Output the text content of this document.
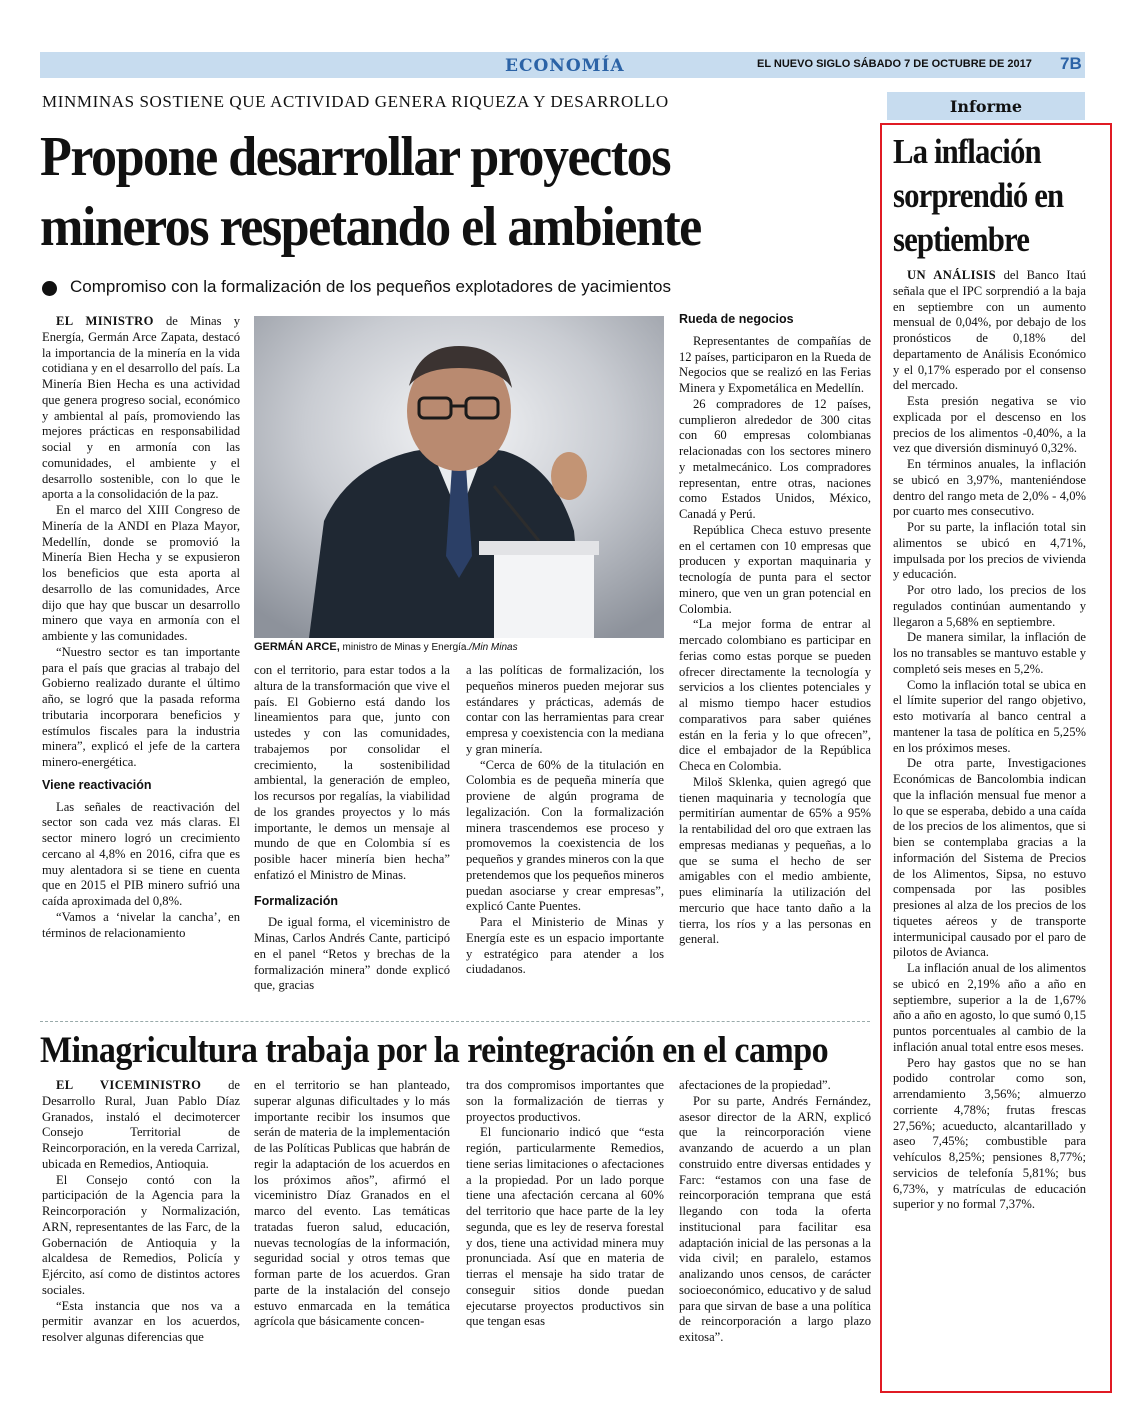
ECONOMÍA	EL NUEVO SIGLO SÁBADO 7 DE OCTUBRE DE 2017 7B
MINMINAS SOSTIENE QUE ACTIVIDAD GENERA RIQUEZA Y DESARROLLO
Propone desarrollar proyectos mineros respetando el ambiente
Compromiso con la formalización de los pequeños explotadores de yacimientos

EL MINISTRO de Minas y Energía, Germán Arce Zapata, destacó la importancia de la minería en la vida cotidiana y en el desarrollo del país. La Minería Bien Hecha es una actividad que genera progreso social, económico y ambiental al país, promoviendo las mejores prácticas en responsabilidad social y en armonía con las comunidades, el ambiente y el desarrollo sostenible, con lo que le aporta a la consolidación de la paz.

En el marco del XIII Congreso de Minería de la ANDI en Plaza Mayor, Medellín, donde se promovió la Minería Bien Hecha y se expusieron los beneficios que esta aporta al desarrollo de las comunidades, Arce dijo que hay que buscar un desarrollo minero que vaya en armonía con el ambiente y las comunidades.

“Nuestro sector es tan importante para el país que gracias al trabajo del Gobierno realizado durante el último año, se logró que la pasada reforma tributaria incorporara beneficios y estímulos fiscales para la industria minera”, explicó el jefe de la cartera minero-energética.

Viene reactivación

Las señales de reactivación del sector son cada vez más claras. El sector minero logró un crecimiento cercano al 4,8% en 2016, cifra que es muy alentadora si se tiene en cuenta que en 2015 el PIB minero sufrió una caída aproximada del 0,8%.

“Vamos a ‘nivelar la cancha’, en términos de relacionamiento

GERMÁN ARCE, ministro de Minas y Energía./Min Minas

con el territorio, para estar todos a la altura de la transformación que vive el país. El Gobierno está dando los lineamientos para que, junto con ustedes y con las comunidades, trabajemos por consolidar el crecimiento, la sostenibilidad ambiental, la generación de empleo, los recursos por regalías, la viabilidad de los grandes proyectos y lo más importante, le demos un mensaje al mundo de que en Colombia sí es posible hacer minería bien hecha” enfatizó el Ministro de Minas.

Formalización

De igual forma, el viceministro de Minas, Carlos Andrés Cante, participó en el panel “Retos y brechas de la formalización minera” donde explicó que, gracias

a las políticas de formalización, los pequeños mineros pueden mejorar sus estándares y prácticas, además de contar con las herramientas para crear empresa y coexistencia con la mediana y gran minería.

“Cerca de 60% de la titulación en Colombia es de pequeña minería que proviene de algún programa de legalización. Con la formalización minera trascendemos ese proceso y promovemos la coexistencia de los pequeños y grandes mineros con la que pretendemos que los pequeños mineros puedan asociarse y crear empresas”, explicó Cante Puentes.

Para el Ministerio de Minas y Energía este es un espacio importante y estratégico para atender a los ciudadanos.

Rueda de negocios

Representantes de compañías de 12 países, participaron en la Rueda de Negocios que se realizó en las Ferias Minera y Expometálica en Medellín.

26 compradores de 12 países, cumplieron alrededor de 300 citas con 60 empresas colombianas relacionadas con los sectores minero y metalmecánico. Los compradores representan, entre otras, naciones como Estados Unidos, México, Canadá y Perú.

República Checa estuvo presente en el certamen con 10 empresas que producen y exportan maquinaria y tecnología de punta para el sector minero, que ven un gran potencial en Colombia.

“La mejor forma de entrar al mercado colombiano es participar en ferias como estas porque se pueden ofrecer directamente la tecnología y servicios a los clientes potenciales y al mismo tiempo hacer estudios comparativos para saber quiénes están en la feria y lo que ofrecen”, dice el embajador de la República Checa en Colombia.

Miloš Sklenka, quien agregó que tienen maquinaria y tecnología que permitirían aumentar de 65% a 95% la rentabilidad del oro que extraen las empresas medianas y pequeñas, a lo que se suma el hecho de ser amigables con el medio ambiente, pues eliminaría la utilización del mercurio que hace tanto daño a la tierra, los ríos y a las personas en general.

Minagricultura trabaja por la reintegración en el campo

EL VICEMINISTRO de Desarrollo Rural, Juan Pablo Díaz Granados, instaló el decimotercer Consejo Territorial de Reincorporación, en la vereda Carrizal, ubicada en Remedios, Antioquia.

El Consejo contó con la participación de la Agencia para la Reincorporación y Normalización, ARN, representantes de las Farc, de la Gobernación de Antioquia y la alcaldesa de Remedios, Policía y Ejército, así como de distintos actores sociales.

“Esta instancia que nos va a permitir avanzar en los acuerdos, resolver algunas diferencias que

en el territorio se han planteado, superar algunas dificultades y lo más importante recibir los insumos que serán de materia de la implementación de las Políticas Publicas que habrán de regir la adaptación de los acuerdos en los próximos años”, afirmó el viceministro Díaz Granados en el marco del evento. Las temáticas tratadas fueron salud, educación, nuevas tecnologías de la información, seguridad social y otros temas que forman parte de los acuerdos. Gran parte de la instalación del consejo estuvo enmarcada en la temática agrícola que básicamente concen-

tra dos compromisos importantes que son la formalización de tierras y proyectos productivos.

El funcionario indicó que “esta región, particularmente Remedios, tiene serias limitaciones o afectaciones a la propiedad. Por un lado porque tiene una afectación cercana al 60% del territorio que hace parte de la ley segunda, que es ley de reserva forestal y dos, tiene una actividad minera muy pronunciada. Así que en materia de tierras el mensaje ha sido tratar de conseguir sitios donde puedan ejecutarse proyectos productivos sin que tengan esas

afectaciones de la propiedad”.

Por su parte, Andrés Fernández, asesor director de la ARN, explicó que la reincorporación viene avanzando de acuerdo a un plan construido entre diversas entidades y Farc: “estamos con una fase de reincorporación temprana que está llegando con toda la oferta institucional para facilitar esa adaptación inicial de las personas a la vida civil; en paralelo, estamos analizando unos censos, de carácter socioeconómico, educativo y de salud para que sirvan de base a una política de reincorporación a largo plazo exitosa”.

Informe
La inflación sorprendió en septiembre

UN ANÁLISIS del Banco Itaú señala que el IPC sorprendió a la baja en septiembre con un aumento mensual de 0,04%, por debajo de los pronósticos de 0,18% del departamento de Análisis Económico y el 0,17% esperado por el consenso del mercado.

Esta presión negativa se vio explicada por el descenso en los precios de los alimentos -0,40%, a la vez que diversión disminuyó 0,32%.

En términos anuales, la inflación se ubicó en 3,97%, manteniéndose dentro del rango meta de 2,0% - 4,0% por cuarto mes consecutivo.

Por su parte, la inflación total sin alimentos se ubicó en 4,71%, impulsada por los precios de vivienda y educación.

Por otro lado, los precios de los regulados continúan aumentando y llegaron a 5,68% en septiembre.

De manera similar, la inflación de los no transables se mantuvo estable y completó seis meses en 5,2%.

Como la inflación total se ubica en el límite superior del rango objetivo, esto motivaría al banco central a mantener la tasa de política en 5,25% en los próximos meses.

De otra parte, Investigaciones Económicas de Bancolombia indican que la inflación mensual fue menor a lo que se esperaba, debido a una caída de los precios de los alimentos, que si bien se contemplaba gracias a la información del Sistema de Precios de los Alimentos, Sipsa, no estuvo compensada por las posibles presiones al alza de los precios de los tiquetes aéreos y de transporte intermunicipal causado por el paro de pilotos de Avianca.

La inflación anual de los alimentos se ubicó en 2,19% año a año en septiembre, superior a la de 1,67% año a año en agosto, lo que sumó 0,15 puntos porcentuales al cambio de la inflación anual total entre esos meses.

Pero hay gastos que no se han podido controlar como son, arrendamiento 3,56%; almuerzo corriente 4,78%; frutas frescas 27,56%; acueducto, alcantarillado y aseo 7,45%; combustible para vehículos 8,25%; pensiones 8,77%; servicios de telefonía 5,81%; bus 6,73%, y matrículas de educación superior y no formal 7,37%.
